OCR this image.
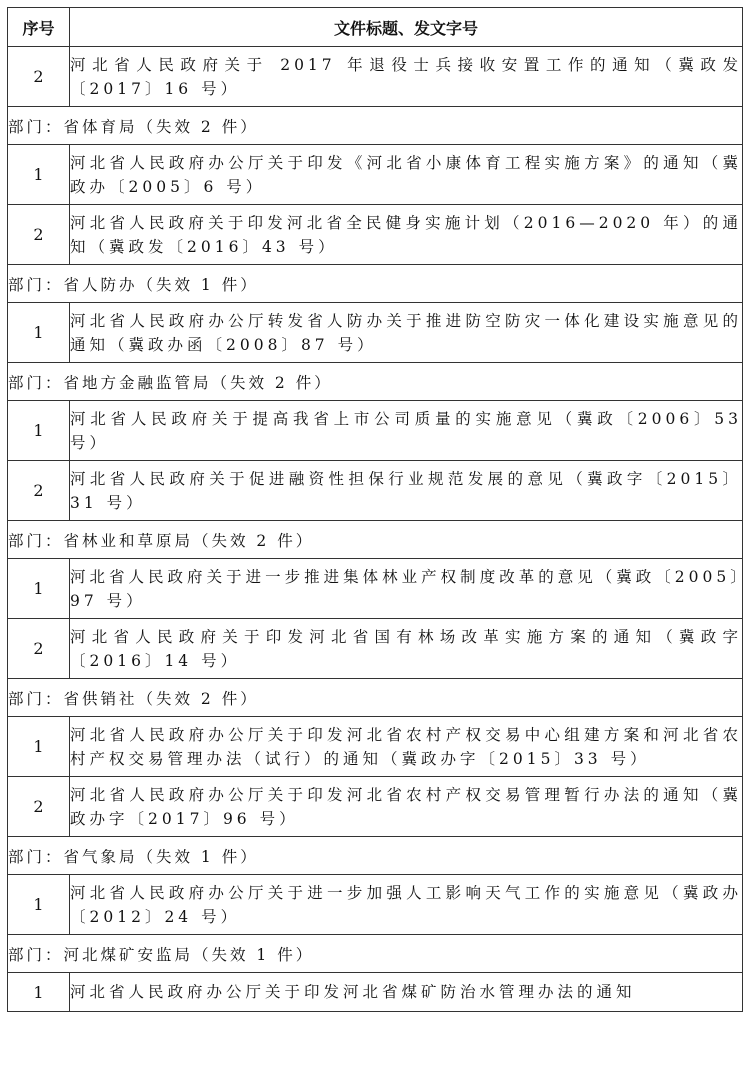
序号	文件标题、发文字号
2	河北省人民政府关于 2017 年退役士兵接收安置工作的通知（冀政发〔2017〕16 号）
部门：省体育局（失效 2 件）	
1	河北省人民政府办公厅关于印发《河北省小康体育工程实施方案》的通知（冀政办〔2005〕6 号）
2	河北省人民政府关于印发河北省全民健身实施计划（2016—2020 年）的通知（冀政发〔2016〕43 号）
部门：省人防办（失效 1 件）	
1	河北省人民政府办公厅转发省人防办关于推进防空防灾一体化建设实施意见的通知（冀政办函〔2008〕87 号）
部门：省地方金融监管局（失效 2 件）	
1	河北省人民政府关于提高我省上市公司质量的实施意见（冀政〔2006〕53 号）
2	河北省人民政府关于促进融资性担保行业规范发展的意见（冀政字〔2015〕31 号）
部门：省林业和草原局（失效 2 件）	
1	河北省人民政府关于进一步推进集体林业产权制度改革的意见（冀政〔2005〕97 号）
2	河北省人民政府关于印发河北省国有林场改革实施方案的通知（冀政字〔2016〕14 号）
部门：省供销社（失效 2 件）	
1	河北省人民政府办公厅关于印发河北省农村产权交易中心组建方案和河北省农村产权交易管理办法（试行）的通知（冀政办字〔2015〕33 号）
2	河北省人民政府办公厅关于印发河北省农村产权交易管理暂行办法的通知（冀政办字〔2017〕96 号）
部门：省气象局（失效 1 件）	
1	河北省人民政府办公厅关于进一步加强人工影响天气工作的实施意见（冀政办〔2012〕24 号）
部门：河北煤矿安监局（失效 1 件）	
1	河北省人民政府办公厅关于印发河北省煤矿防治水管理办法的通知
